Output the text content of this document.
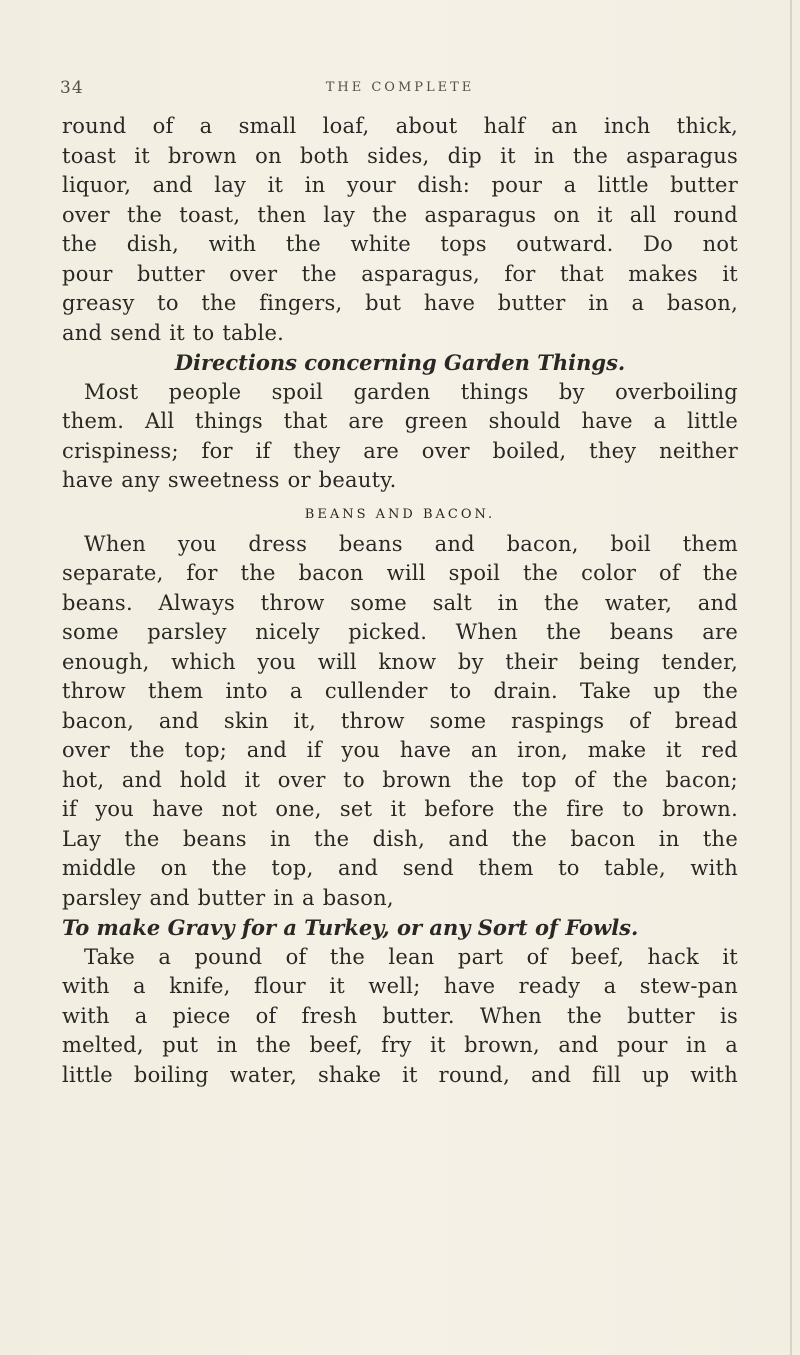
34	THE COMPLETE
round of a small loaf, about half an inch thick,
toast it brown on both sides, dip it in the asparagus
liquor, and lay it in your dish: pour a little butter
over the toast, then lay the asparagus on it all round
the dish, with the white tops outward. Do not
pour butter over the asparagus, for that makes it
greasy to the fingers, but have butter in a bason,
and send it to table.
Directions concerning Garden Things.
Most people spoil garden things by overboiling
them. All things that are green should have a little
crispiness; for if they are over boiled, they neither
have any sweetness or beauty.
BEANS AND BACON.
When you dress beans and bacon, boil them
separate, for the bacon will spoil the color of the
beans. Always throw some salt in the water, and
some parsley nicely picked. When the beans are
enough, which you will know by their being tender,
throw them into a cullender to drain. Take up the
bacon, and skin it, throw some raspings of bread
over the top; and if you have an iron, make it red
hot, and hold it over to brown the top of the bacon;
if you have not one, set it before the fire to brown.
Lay the beans in the dish, and the bacon in the
middle on the top, and send them to table, with
parsley and butter in a bason,
To make Gravy for a Turkey, or any Sort of Fowls.
Take a pound of the lean part of beef, hack it
with a knife, flour it well; have ready a stew-pan
with a piece of fresh butter. When the butter is
melted, put in the beef, fry it brown, and pour in a
little boiling water, shake it round, and fill up with
